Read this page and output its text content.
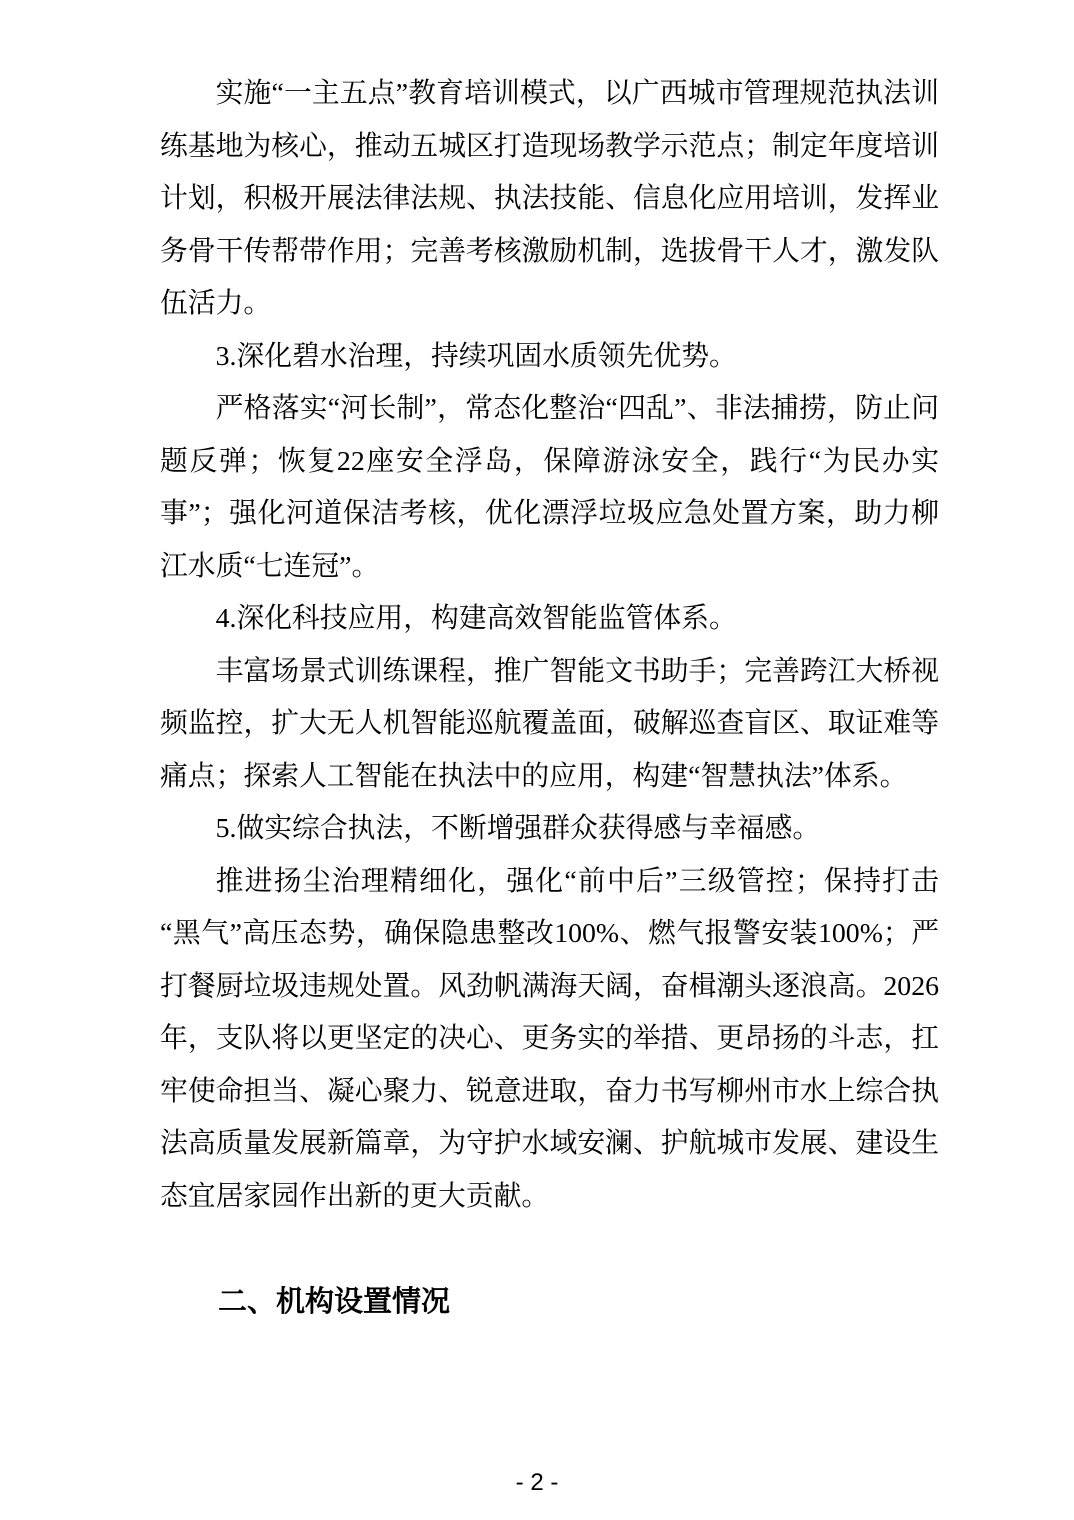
实施“一主五点”教育培训模式，以广西城市管理规范执法训练基地为核心，推动五城区打造现场教学示范点；制定年度培训计划，积极开展法律法规、执法技能、信息化应用培训，发挥业务骨干传帮带作用；完善考核激励机制，选拔骨干人才，激发队伍活力。

3.深化碧水治理，持续巩固水质领先优势。

严格落实“河长制”，常态化整治“四乱”、非法捕捞，防止问题反弹；恢复22座安全浮岛，保障游泳安全，践行“为民办实事”；强化河道保洁考核，优化漂浮垃圾应急处置方案，助力柳江水质“七连冠”。

4.深化科技应用，构建高效智能监管体系。

丰富场景式训练课程，推广智能文书助手；完善跨江大桥视频监控，扩大无人机智能巡航覆盖面，破解巡查盲区、取证难等痛点；探索人工智能在执法中的应用，构建“智慧执法”体系。

5.做实综合执法，不断增强群众获得感与幸福感。

推进扬尘治理精细化，强化“前中后”三级管控；保持打击“黑气”高压态势，确保隐患整改100%、燃气报警安装100%；严打餐厨垃圾违规处置。风劲帆满海天阔，奋楫潮头逐浪高。2026年，支队将以更坚定的决心、更务实的举措、更昂扬的斗志，扛牢使命担当、凝心聚力、锐意进取，奋力书写柳州市水上综合执法高质量发展新篇章，为守护水域安澜、护航城市发展、建设生态宜居家园作出新的更大贡献。

二、机构设置情况

- 2 -
